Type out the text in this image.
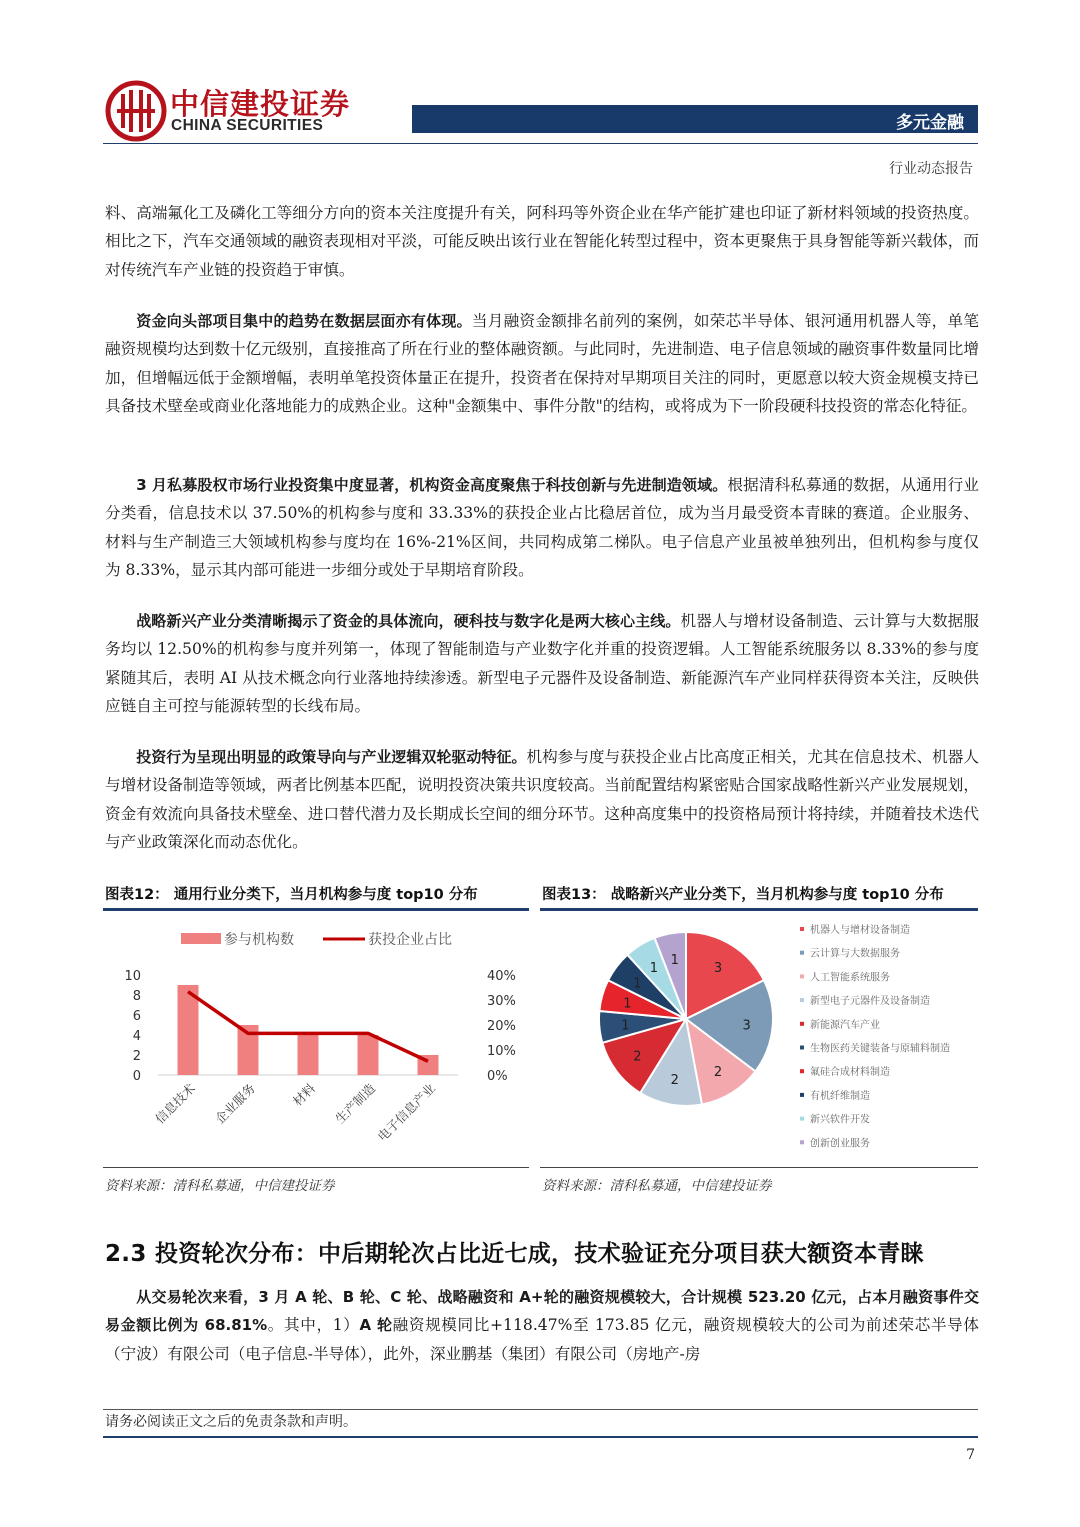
中信建投证券
CHINA SECURITIES	多元金融
行业动态报告

料、高端氟化工及磷化工等细分方向的资本关注度提升有关，阿科玛等外资企业在华产能扩建也印证了新材料领域的投资热度。相比之下，汽车交通领域的融资表现相对平淡，可能反映出该行业在智能化转型过程中，资本更聚焦于具身智能等新兴载体，而对传统汽车产业链的投资趋于审慎。

资金向头部项目集中的趋势在数据层面亦有体现。当月融资金额排名前列的案例，如荣芯半导体、银河通用机器人等，单笔融资规模均达到数十亿元级别，直接推高了所在行业的整体融资额。与此同时，先进制造、电子信息领域的融资事件数量同比增加，但增幅远低于金额增幅，表明单笔投资体量正在提升，投资者在保持对早期项目关注的同时，更愿意以较大资金规模支持已具备技术壁垒或商业化落地能力的成熟企业。这种"金额集中、事件分散"的结构，或将成为下一阶段硬科技投资的常态化特征。

3 月私募股权市场行业投资集中度显著，机构资金高度聚焦于科技创新与先进制造领域。根据清科私募通的数据，从通用行业分类看，信息技术以 37.50%的机构参与度和 33.33%的获投企业占比稳居首位，成为当月最受资本青睐的赛道。企业服务、材料与生产制造三大领域机构参与度均在 16%-21%区间，共同构成第二梯队。电子信息产业虽被单独列出，但机构参与度仅为 8.33%，显示其内部可能进一步细分或处于早期培育阶段。

战略新兴产业分类清晰揭示了资金的具体流向，硬科技与数字化是两大核心主线。机器人与增材设备制造、云计算与大数据服务均以 12.50%的机构参与度并列第一，体现了智能制造与产业数字化并重的投资逻辑。人工智能系统服务以 8.33%的参与度紧随其后，表明 AI 从技术概念向行业落地持续渗透。新型电子元器件及设备制造、新能源汽车产业同样获得资本关注，反映供应链自主可控与能源转型的长线布局。

投资行为呈现出明显的政策导向与产业逻辑双轮驱动特征。机构参与度与获投企业占比高度正相关，尤其在信息技术、机器人与增材设备制造等领域，两者比例基本匹配，说明投资决策共识度较高。当前配置结构紧密贴合国家战略性新兴产业发展规划，资金有效流向具备技术壁垒、进口替代潜力及长期成长空间的细分环节。这种高度集中的投资格局预计将持续，并随着技术迭代与产业政策深化而动态优化。

图表12： 通用行业分类下，当月机构参与度 top10 分布	图表13： 战略新兴产业分类下，当月机构参与度 top10 分布
参与机构数	获投企业占比
0
2
4
6
8
10
0%
10%
20%
30%
40%
信息技术 企业服务	材料 生产制造
电子信息产业
3
3
2
2
2
1
1
1
1
1
机器人与增材设备制造
云计算与大数据服务
人工智能系统服务
新型电子元器件及设备制造
新能源汽车产业
生物医药关键装备与原辅料制造
氟硅合成材料制造
有机纤维制造
新兴软件开发
创新创业服务
资料来源：清科私募通，中信建投证券	资料来源：清科私募通，中信建投证券
2.3 投资轮次分布：中后期轮次占比近七成，技术验证充分项目获大额资本青睐

从交易轮次来看，3 月 A 轮、B 轮、C 轮、战略融资和 A+轮的融资规模较大，合计规模 523.20 亿元，占本月融资事件交易金额比例为 68.81%。其中，1）A 轮融资规模同比+118.47%至 173.85 亿元，融资规模较大的公司为前述荣芯半导体（宁波）有限公司（电子信息-半导体），此外，深业鹏基（集团）有限公司（房地产-房

请务必阅读正文之后的免责条款和声明。
7
